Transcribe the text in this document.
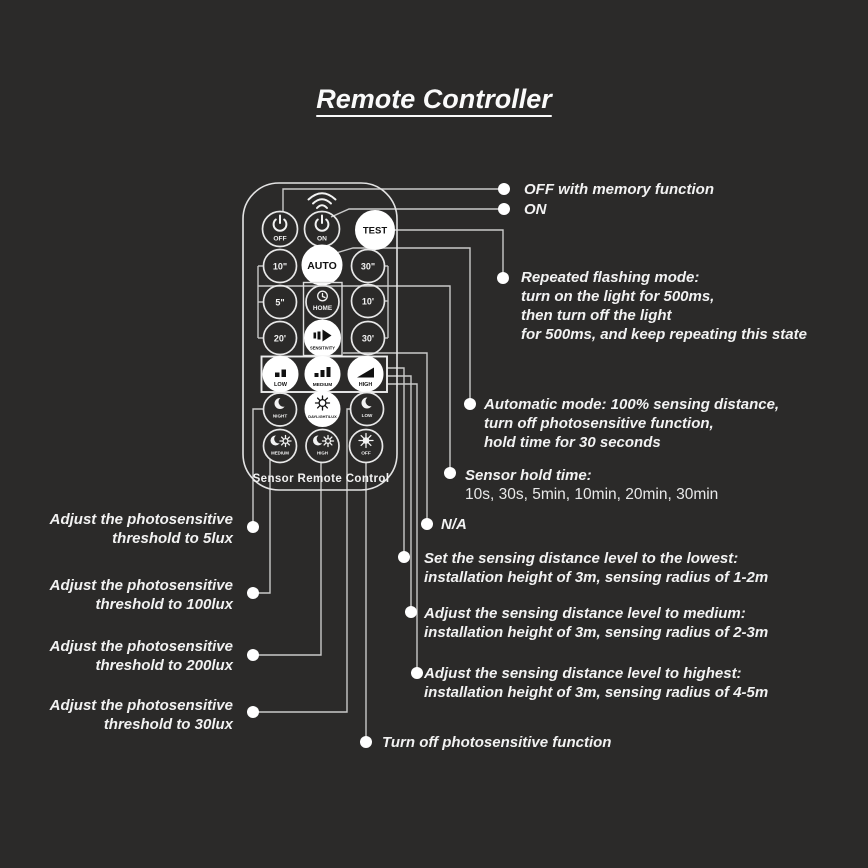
Remote Controller
OFF	ON
TEST
10" AUTO	30"
5"
HOME
10'
20'
SENSITIVITY
30'
LOW	MEDIUM	HIGH
NIGHT	DAYLIGHT/LUX	LOW
MEDIUM	HIGH	OFF
Sensor Remote Control
OFF with memory function
ON
Repeated flashing mode:
turn on the light for 500ms,
then turn off the light
for 500ms, and keep repeating this state
Automatic mode: 100% sensing distance,
turn off photosensitive function,
hold time for 30 seconds
Sensor hold time:
10s, 30s, 5min, 10min, 20min, 30min
N/A
Set the sensing distance level to the lowest:
installation height of 3m, sensing radius of 1-2m
Adjust the sensing distance level to medium:
installation height of 3m, sensing radius of 2-3m
Adjust the sensing distance level to highest:
installation height of 3m, sensing radius of 4-5m
Turn off photosensitive function
Adjust the photosensitive
threshold to 5lux
Adjust the photosensitive
threshold to 100lux
Adjust the photosensitive
threshold to 200lux
Adjust the photosensitive
threshold to 30lux
